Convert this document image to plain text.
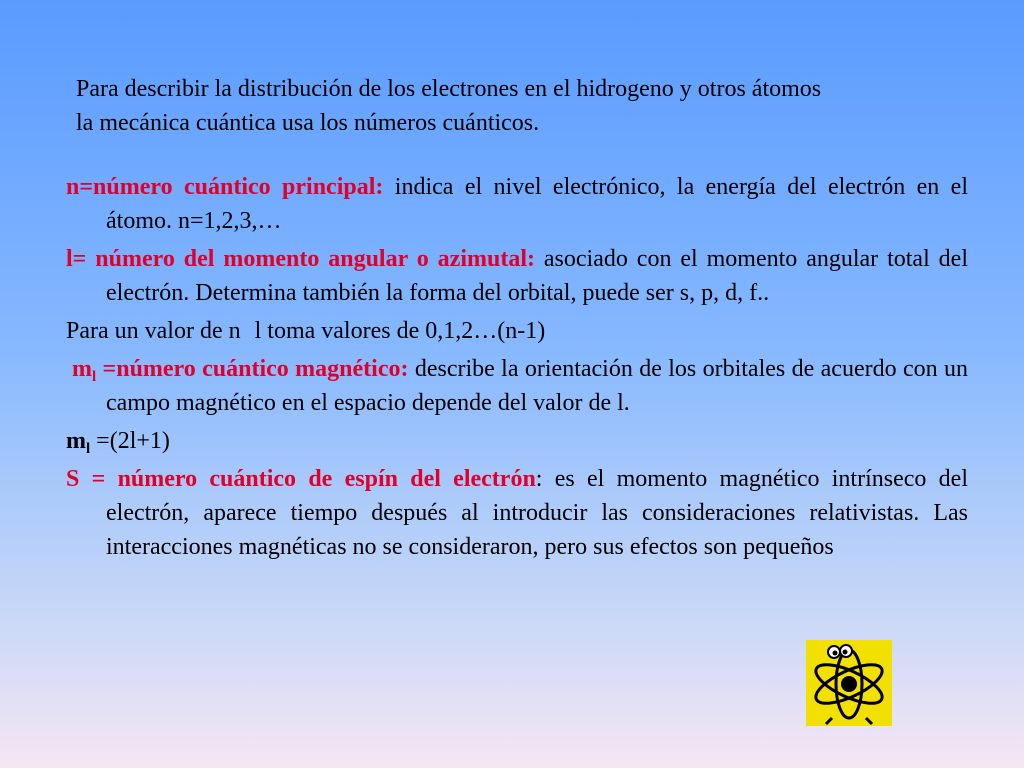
Para describir la distribución de los electrones en el hidrogeno y otros átomos
la mecánica cuántica usa los números cuánticos.

n=número cuántico principal: indica el nivel electrónico, la energía del electrón en el átomo. n=1,2,3,…

l= número del momento angular o azimutal: asociado con el momento angular total del electrón. Determina también la forma del orbital, puede ser s, p, d, f..

Para un valor de n l toma valores de 0,1,2…(n-1)

$m_l$ =número cuántico magnético: describe la orientación de los orbitales de acuerdo con un campo magnético en el espacio depende del valor de l.

$m_l =(2l+1)$

S = número cuántico de espín del electrón: es el momento magnético intrínseco del electrón, aparece tiempo después al introducir las consideraciones relativistas. Las interacciones magnéticas no se consideraron, pero sus efectos son pequeños
